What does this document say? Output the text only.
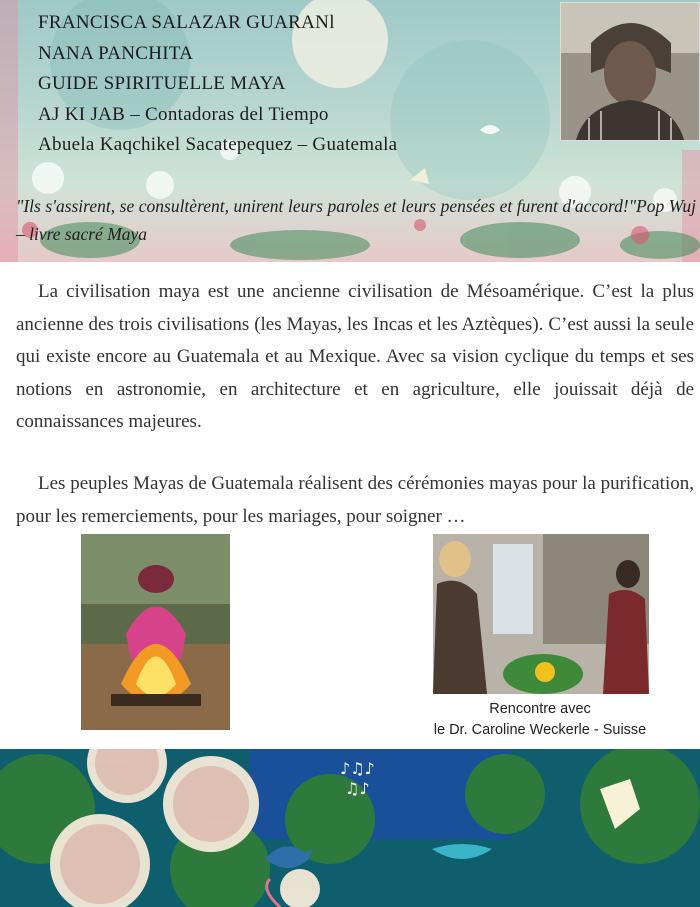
FRANCISCA SALAZAR GUARANl
NANA PANCHITA
GUIDE SPIRITUELLE MAYA
AJ KI JAB – Contadoras del Tiempo
Abuela Kaqchikel Sacatepequez – Guatemala
"Ils s'assirent, se consultèrent, unirent leurs paroles et leurs pensées et furent d'accord!"Pop Wuj – livre sacré Maya

La civilisation maya est une ancienne civilisation de Mésoamérique. C’est la plus ancienne des trois civilisations (les Mayas, les Incas et les Aztèques). C’est aussi la seule qui existe encore au Guatemala et au Mexique. Avec sa vision cyclique du temps et ses notions en astronomie, en architecture et en agriculture, elle jouissait déjà de connaissances majeures.

Les peuples Mayas de Guatemala réalisent des cérémonies mayas pour la purification, pour les remerciements, pour les mariages, pour soigner …

Rencontre avec
le Dr. Caroline Weckerle - Suisse
♪♫♪
♫♪
